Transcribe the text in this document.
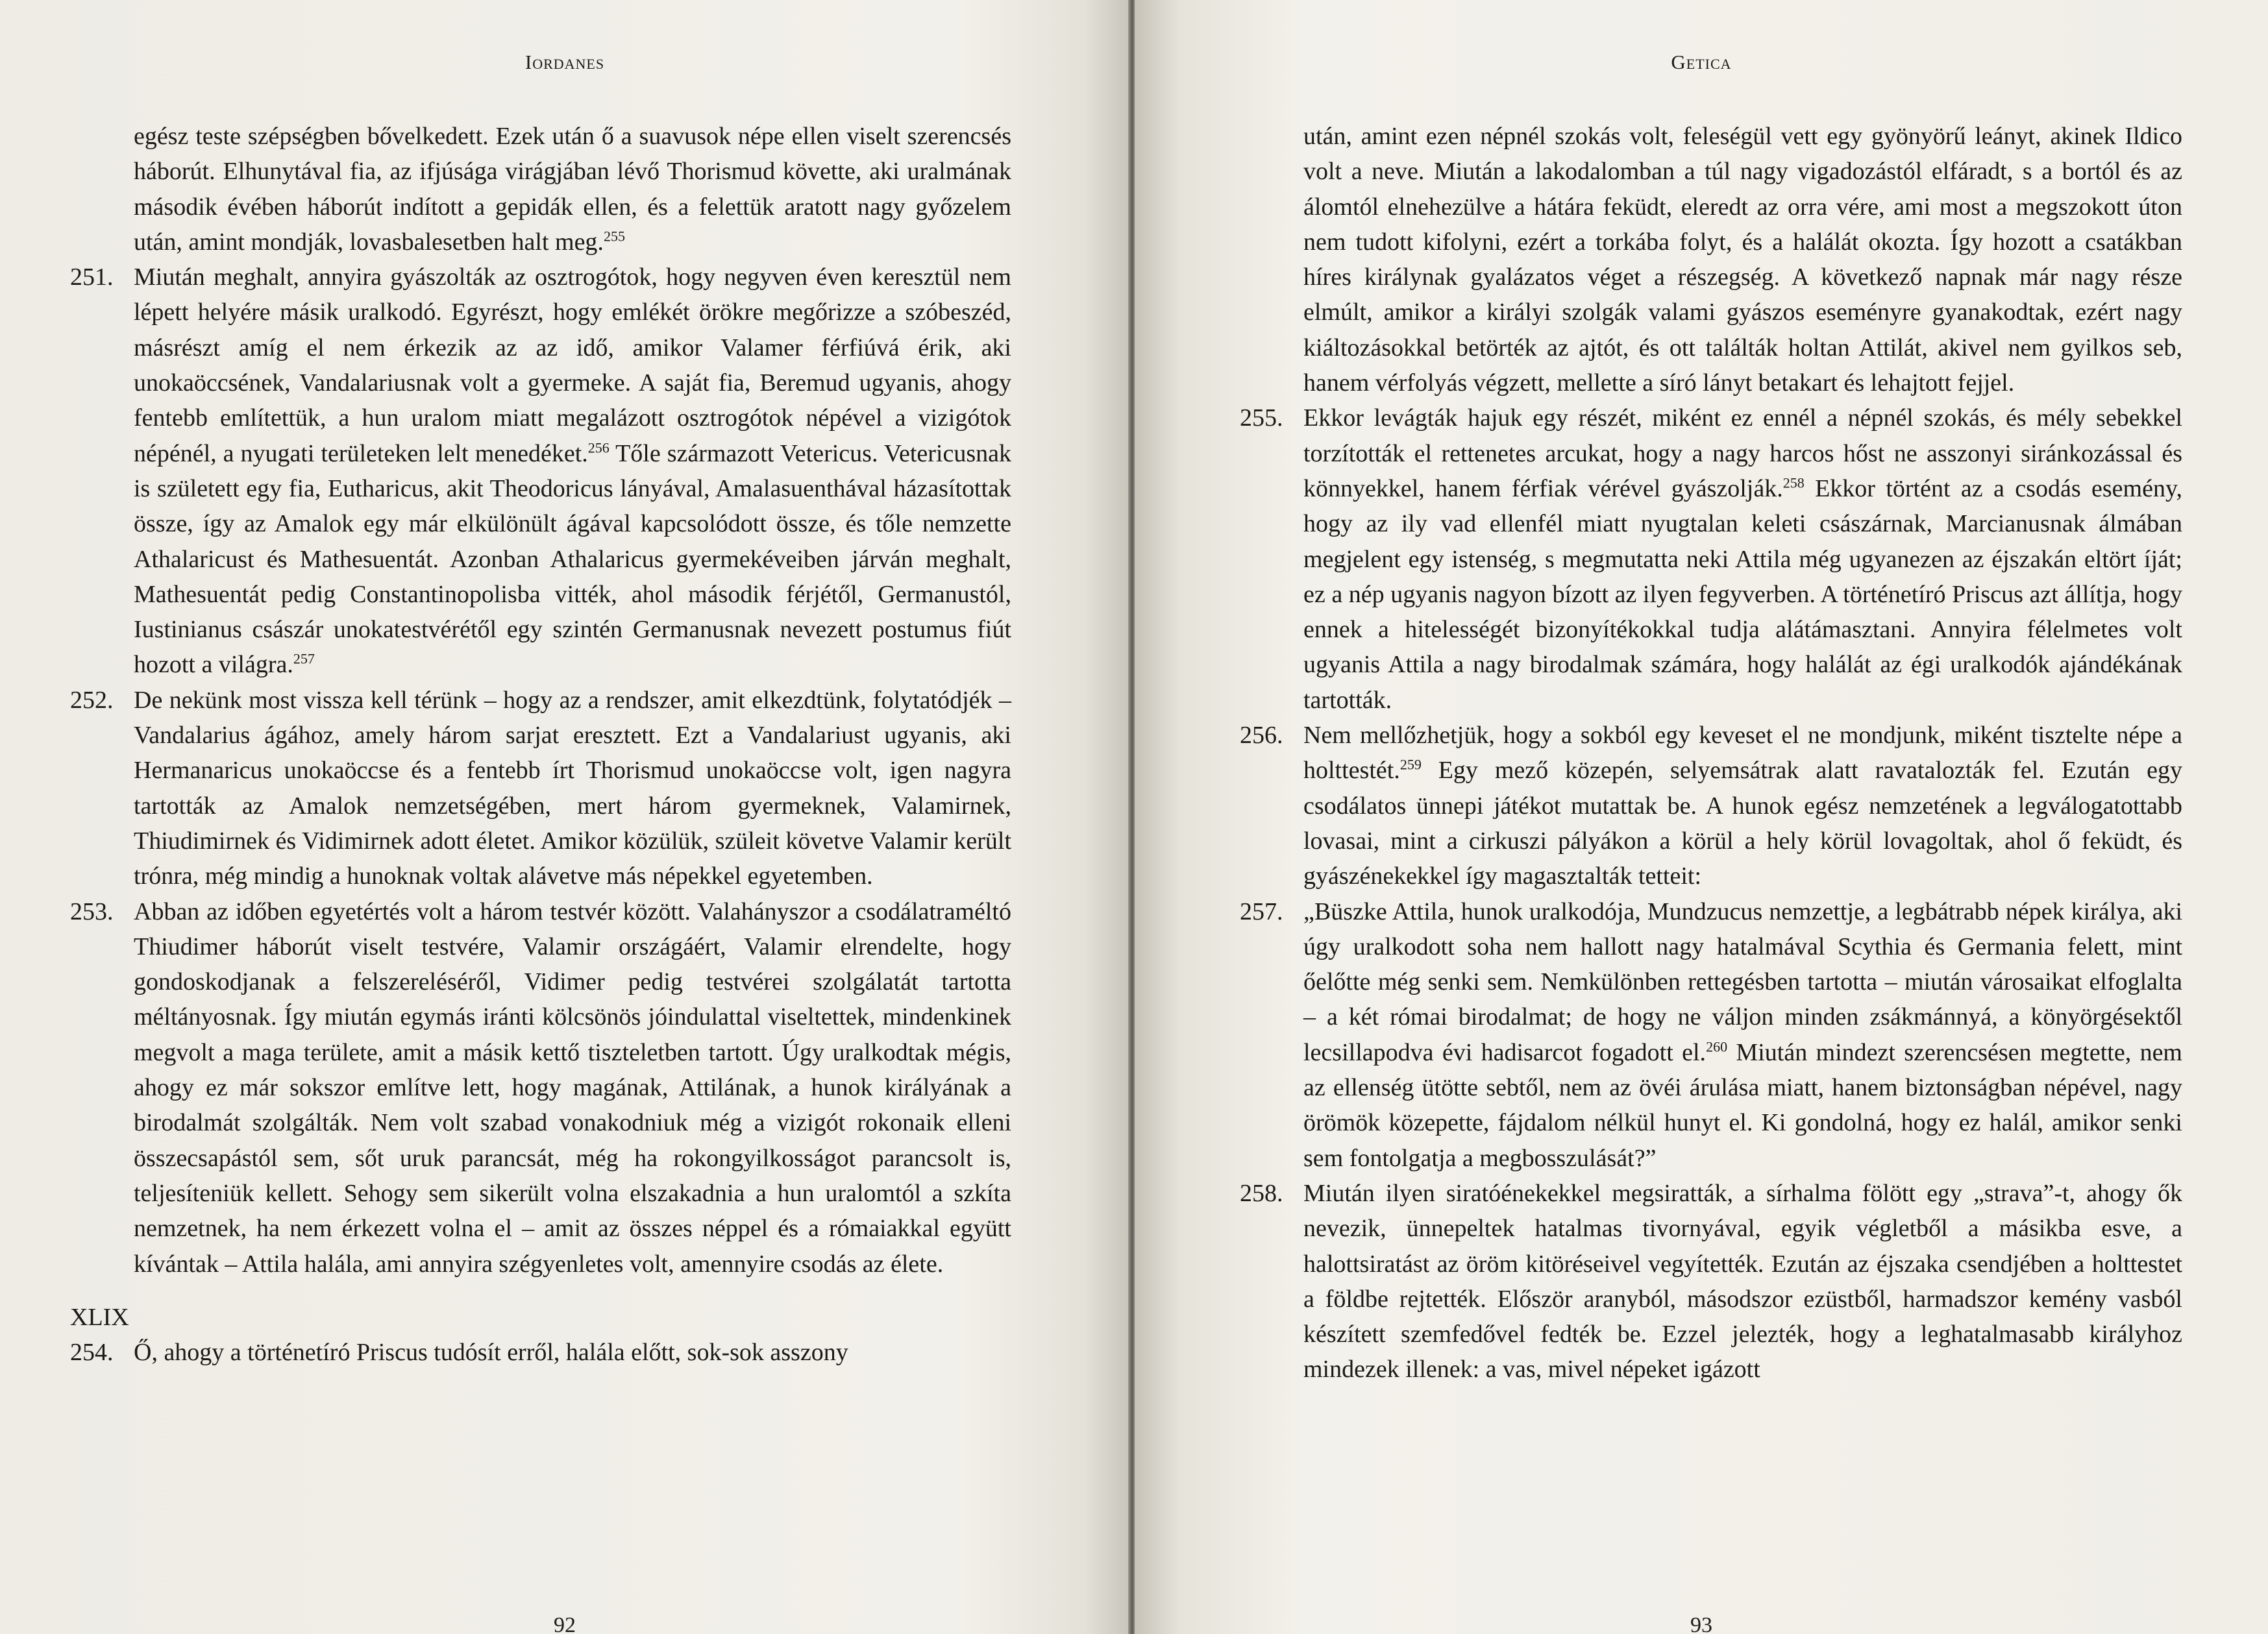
Iordanes

egész teste szépségben bővelkedett. Ezek után ő a suavusok népe ellen viselt szerencsés háborút. Elhunytával fia, az ifjúsága virágjában lévő Thorismud követte, aki uralmának második évében háborút indított a gepidák ellen, és a felettük aratott nagy győzelem után, amint mondják, lovasbalesetben halt meg.$^{255}$

251. Miután meghalt, annyira gyászolták az osztrogótok, hogy negyven éven keresztül nem lépett helyére másik uralkodó. Egyrészt, hogy emlékét örökre megőrizze a szóbeszéd, másrészt amíg el nem érkezik az az idő, amikor Valamer férfiúvá érik, aki unokaöccsének, Vandalariusnak volt a gyermeke. A saját fia, Beremud ugyanis, ahogy fentebb említettük, a hun uralom miatt megalázott osztrogótok népével a vizigótok népénél, a nyugati területeken lelt menedéket.$^{256}$ Tőle származott Vetericus. Vetericusnak is született egy fia, Eutharicus, akit Theodoricus lányával, Amalasuenthával házasítottak össze, így az Amalok egy már elkülönült ágával kapcsolódott össze, és tőle nemzette Athalaricust és Mathesuentát. Azonban Athalaricus gyermekéveiben járván meghalt, Mathesuentát pedig Constantinopolisba vitték, ahol második férjétől, Germanustól, Iustinianus császár unokatestvérétől egy szintén Germanusnak nevezett postumus fiút hozott a világra.$^{257}$

252. De nekünk most vissza kell térünk – hogy az a rendszer, amit elkezdtünk, folytatódjék – Vandalarius ágához, amely három sarjat eresztett. Ezt a Vandalariust ugyanis, aki Hermanaricus unokaöccse és a fentebb írt Thorismud unokaöccse volt, igen nagyra tartották az Amalok nemzetségében, mert három gyermeknek, Valamirnek, Thiudimirnek és Vidimirnek adott életet. Amikor közülük, szüleit követve Valamir került trónra, még mindig a hunoknak voltak alávetve más népekkel egyetemben.

253. Abban az időben egyetértés volt a három testvér között. Valahányszor a csodálatraméltó Thiudimer háborút viselt testvére, Valamir országáért, Valamir elrendelte, hogy gondoskodjanak a felszereléséről, Vidimer pedig testvérei szolgálatát tartotta méltányosnak. Így miután egymás iránti kölcsönös jóindulattal viseltettek, mindenkinek megvolt a maga területe, amit a másik kettő tiszteletben tartott. Úgy uralkodtak mégis, ahogy ez már sokszor említve lett, hogy magának, Attilának, a hunok királyának a birodalmát szolgálták. Nem volt szabad vonakodniuk még a vizigót rokonaik elleni összecsapástól sem, sőt uruk parancsát, még ha rokongyilkosságot parancsolt is, teljesíteniük kellett. Sehogy sem sikerült volna elszakadnia a hun uralomtól a szkíta nemzetnek, ha nem érkezett volna el – amit az összes néppel és a rómaiakkal együtt kívántak – Attila halála, ami annyira szégyenletes volt, amennyire csodás az élete.

XLIX

254. Ő, ahogy a történetíró Priscus tudósít erről, halála előtt, sok-sok asszony

92
Getica
93

után, amint ezen népnél szokás volt, feleségül vett egy gyönyörű leányt, akinek Ildico volt a neve. Miután a lakodalomban a túl nagy vigadozástól elfáradt, s a bortól és az álomtól elnehezülve a hátára feküdt, eleredt az orra vére, ami most a megszokott úton nem tudott kifolyni, ezért a torkába folyt, és a halálát okozta. Így hozott a csatákban híres királynak gyalázatos véget a részegség. A következő napnak már nagy része elmúlt, amikor a királyi szolgák valami gyászos eseményre gyanakodtak, ezért nagy kiáltozásokkal betörték az ajtót, és ott találták holtan Attilát, akivel nem gyilkos seb, hanem vérfolyás végzett, mellette a síró lányt betakart és lehajtott fejjel.

255. Ekkor levágták hajuk egy részét, miként ez ennél a népnél szokás, és mély sebekkel torzították el rettenetes arcukat, hogy a nagy harcos hőst ne asszonyi siránkozással és könnyekkel, hanem férfiak vérével gyászolják.$^{258}$ Ekkor történt az a csodás esemény, hogy az ily vad ellenfél miatt nyugtalan keleti császárnak, Marcianusnak álmában megjelent egy istenség, s megmutatta neki Attila még ugyanezen az éjszakán eltört íját; ez a nép ugyanis nagyon bízott az ilyen fegyverben. A történetíró Priscus azt állítja, hogy ennek a hitelességét bizonyítékokkal tudja alátámasztani. Annyira félelmetes volt ugyanis Attila a nagy birodalmak számára, hogy halálát az égi uralkodók ajándékának tartották.

256. Nem mellőzhetjük, hogy a sokból egy keveset el ne mondjunk, miként tisztelte népe a holttestét.$^{259}$ Egy mező közepén, selyemsátrak alatt ravatalozták fel. Ezután egy csodálatos ünnepi játékot mutattak be. A hunok egész nemzetének a legválogatottabb lovasai, mint a cirkuszi pályákon a körül a hely körül lovagoltak, ahol ő feküdt, és gyászénekekkel így magasztalták tetteit:

257. „Büszke Attila, hunok uralkodója, Mundzucus nemzettje, a legbátrabb népek királya, aki úgy uralkodott soha nem hallott nagy hatalmával Scythia és Germania felett, mint őelőtte még senki sem. Nemkülönben rettegésben tartotta – miután városaikat elfoglalta – a két római birodalmat; de hogy ne váljon minden zsákmánnyá, a könyörgésektől lecsillapodva évi hadisarcot fogadott el.$^{260}$ Miután mindezt szerencsésen megtette, nem az ellenség ütötte sebtől, nem az övéi árulása miatt, hanem biztonságban népével, nagy örömök közepette, fájdalom nélkül hunyt el. Ki gondolná, hogy ez halál, amikor senki sem fontolgatja a megbosszulását?”

258. Miután ilyen siratóénekekkel megsiratták, a sírhalma fölött egy „strava”-t, ahogy ők nevezik, ünnepeltek hatalmas tivornyával, egyik végletből a másikba esve, a halottsiratást az öröm kitöréseivel vegyítették. Ezután az éjszaka csendjében a holttestet a földbe rejtették. Először aranyból, másodszor ezüstből, harmadszor kemény vasból készített szemfedővel fedték be. Ezzel jelezték, hogy a leghatalmasabb királyhoz mindezek illenek: a vas, mivel népeket igázott
